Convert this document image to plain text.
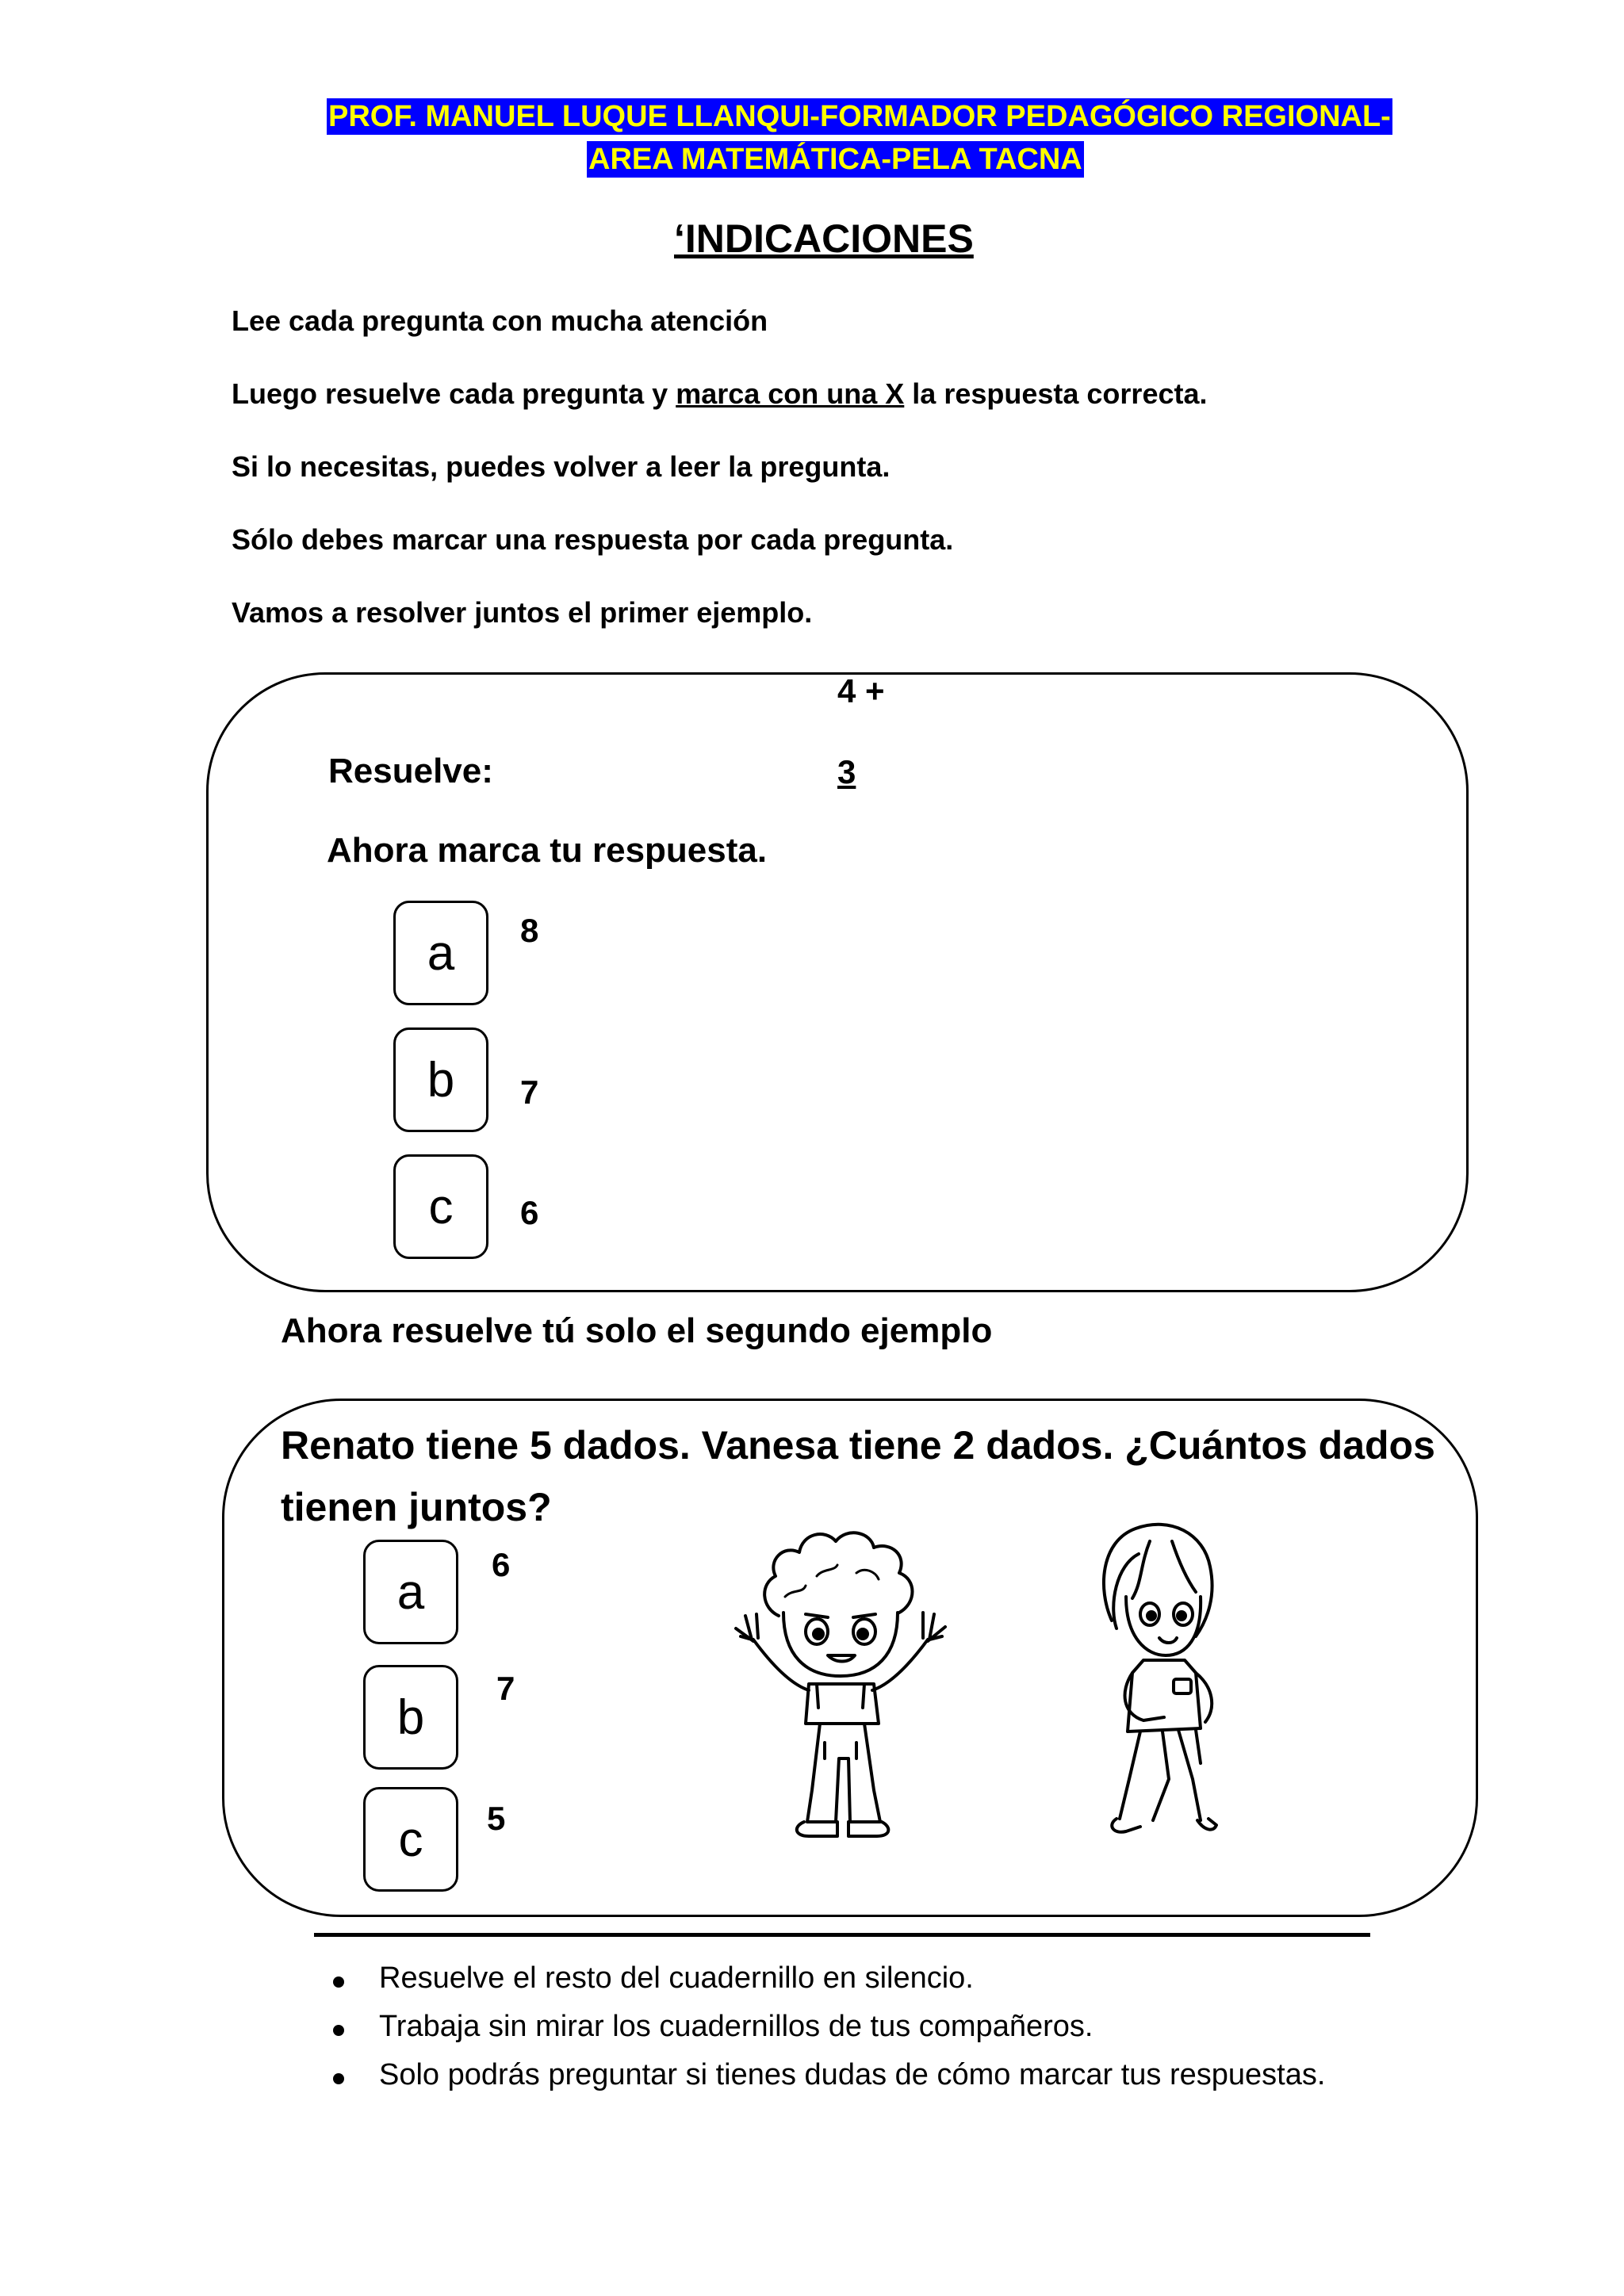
PROF. MANUEL LUQUE LLANQUI-FORMADOR PEDAGÓGICO REGIONAL-
AREA MATEMÁTICA-PELA TACNA
‘INDICACIONES
Lee cada pregunta con mucha atención
Luego resuelve cada pregunta y marca con una X la respuesta correcta.
Si lo necesitas, puedes volver a leer la pregunta.
Sólo debes marcar una respuesta por cada pregunta.
Vamos a resolver juntos el primer ejemplo.
4 +
Resuelve:	3
Ahora marca tu respuesta.
a	8
b	7
c	6
Ahora resuelve tú solo el segundo ejemplo
Renato tiene 5 dados. Vanesa tiene 2 dados. ¿Cuántos dados
tienen juntos?
a	6
b
7
c	5
Resuelve el resto del cuadernillo en silencio.
Trabaja sin mirar los cuadernillos de tus compañeros.
Solo podrás preguntar si tienes dudas de cómo marcar tus respuestas.
